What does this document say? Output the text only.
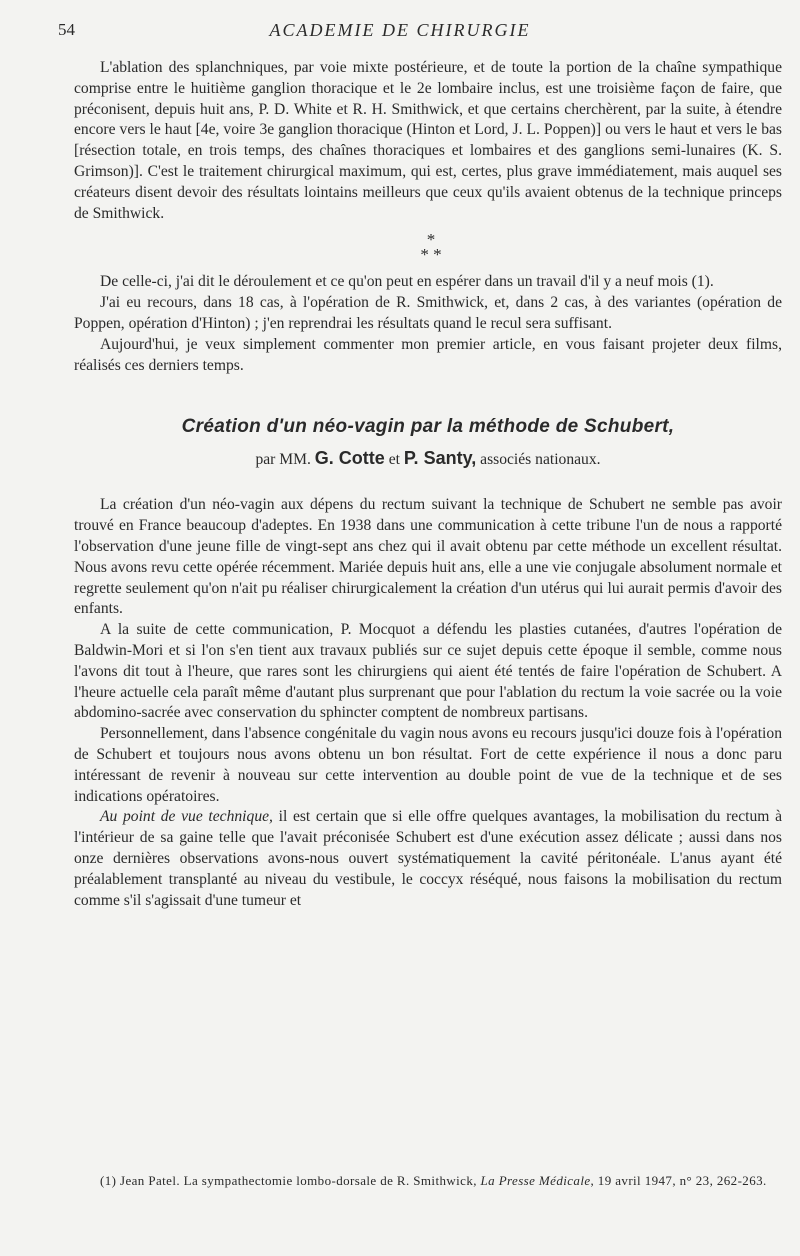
54	ACADEMIE DE CHIRURGIE

L'ablation des splanchniques, par voie mixte postérieure, et de toute la portion de la chaîne sympathique comprise entre le huitième ganglion thoracique et le 2e lombaire inclus, est une troisième façon de faire, que préconisent, depuis huit ans, P. D. White et R. H. Smithwick, et que certains cherchèrent, par la suite, à étendre encore vers le haut [4e, voire 3e ganglion thoracique (Hinton et Lord, J. L. Poppen)] ou vers le haut et vers le bas [résection totale, en trois temps, des chaînes thoraciques et lombaires et des ganglions semi-lunaires (K. S. Grimson)]. C'est le traitement chirurgical maximum, qui est, certes, plus grave immédiatement, mais auquel ses créateurs disent devoir des résultats lointains meilleurs que ceux qu'ils avaient obtenus de la technique princeps de Smithwick.

*
* *

De celle-ci, j'ai dit le déroulement et ce qu'on peut en espérer dans un travail d'il y a neuf mois (1).

J'ai eu recours, dans 18 cas, à l'opération de R. Smithwick, et, dans 2 cas, à des variantes (opération de Poppen, opération d'Hinton) ; j'en reprendrai les résultats quand le recul sera suffisant.

Aujourd'hui, je veux simplement commenter mon premier article, en vous faisant projeter deux films, réalisés ces derniers temps.

Création d'un néo-vagin par la méthode de Schubert,
par MM. G. Cotte et P. Santy, associés nationaux.

La création d'un néo-vagin aux dépens du rectum suivant la technique de Schubert ne semble pas avoir trouvé en France beaucoup d'adeptes. En 1938 dans une communication à cette tribune l'un de nous a rapporté l'observation d'une jeune fille de vingt-sept ans chez qui il avait obtenu par cette méthode un excellent résultat. Nous avons revu cette opérée récemment. Mariée depuis huit ans, elle a une vie conjugale absolument normale et regrette seulement qu'on n'ait pu réaliser chirurgicalement la création d'un utérus qui lui aurait permis d'avoir des enfants.

A la suite de cette communication, P. Mocquot a défendu les plasties cutanées, d'autres l'opération de Baldwin-Mori et si l'on s'en tient aux travaux publiés sur ce sujet depuis cette époque il semble, comme nous l'avons dit tout à l'heure, que rares sont les chirurgiens qui aient été tentés de faire l'opération de Schubert. A l'heure actuelle cela paraît même d'autant plus surprenant que pour l'ablation du rectum la voie sacrée ou la voie abdomino-sacrée avec conservation du sphincter comptent de nombreux partisans.

Personnellement, dans l'absence congénitale du vagin nous avons eu recours jusqu'ici douze fois à l'opération de Schubert et toujours nous avons obtenu un bon résultat. Fort de cette expérience il nous a donc paru intéressant de revenir à nouveau sur cette intervention au double point de vue de la technique et de ses indications opératoires.

Au point de vue technique, il est certain que si elle offre quelques avantages, la mobilisation du rectum à l'intérieur de sa gaine telle que l'avait préconisée Schubert est d'une exécution assez délicate ; aussi dans nos onze dernières observations avons-nous ouvert systématiquement la cavité péritonéale. L'anus ayant été préalablement transplanté au niveau du vestibule, le coccyx réséqué, nous faisons la mobilisation du rectum comme s'il s'agissait d'une tumeur et

(1) Jean Patel. La sympathectomie lombo-dorsale de R. Smithwick, La Presse Médicale, 19 avril 1947, n° 23, 262-263.
